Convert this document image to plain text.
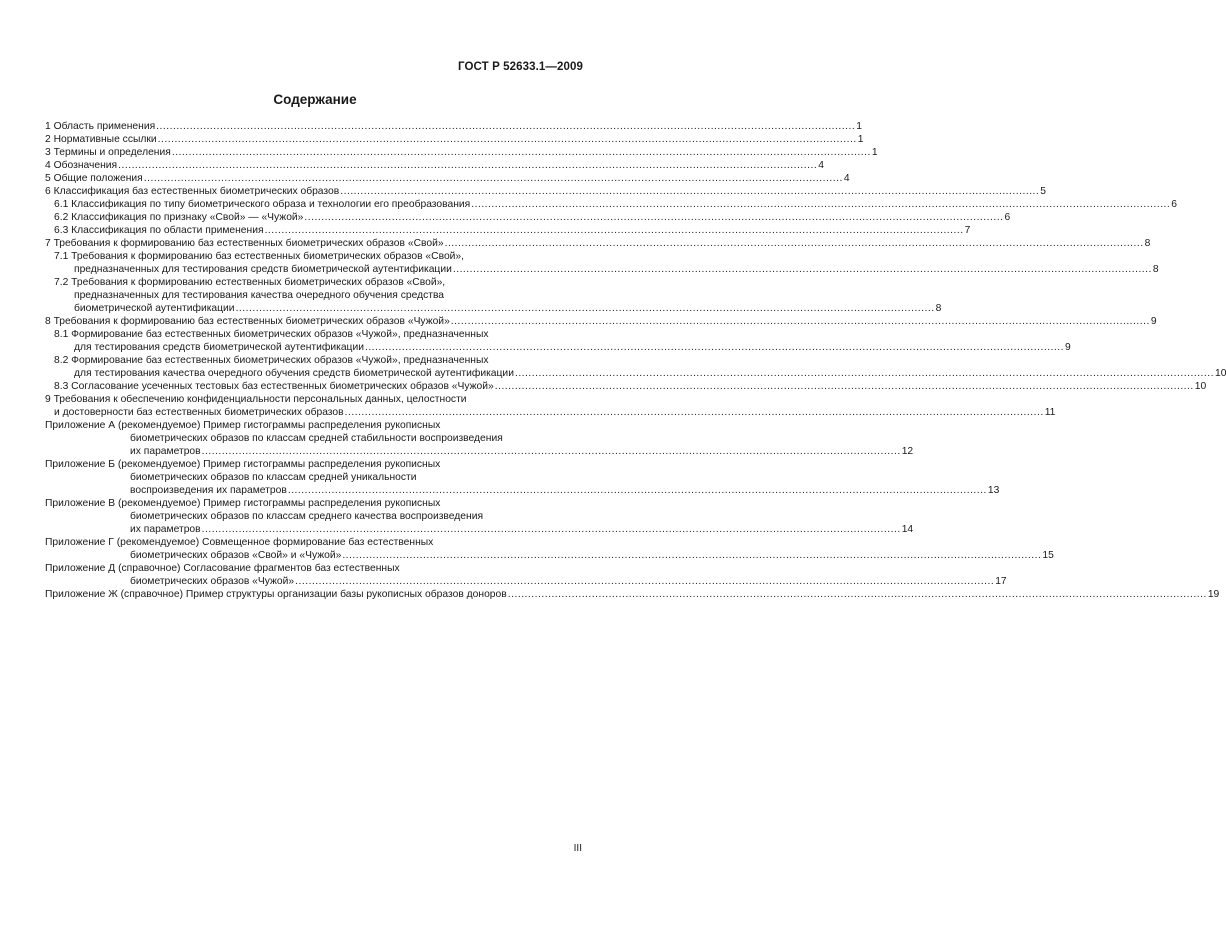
ГОСТ Р 52633.1—2009
Содержание
1 Область применения .....	1
2 Нормативные ссылки .....	1
3 Термины и определения .....	1
4 Обозначения .....	4
5 Общие положения .....	4
6 Классификация баз естественных биометрических образов .....	5
6.1 Классификация по типу биометрического образа и технологии его преобразования .....	6
6.2 Классификация по признаку «Свой» — «Чужой» .....	6
6.3 Классификация по области применения .....	7
7 Требования к формированию баз естественных биометрических образов «Свой» .....	8
7.1 Требования к формированию баз естественных биометрических образов «Свой»,
предназначенных для тестирования средств биометрической аутентификации .....	8
7.2 Требования к формированию естественных биометрических образов «Свой»,
предназначенных для тестирования качества очередного обучения средства
биометрической аутентификации .....	8
8 Требования к формированию баз естественных биометрических образов «Чужой» .....	9
8.1 Формирование баз естественных биометрических образов «Чужой», предназначенных
для тестирования средств биометрической аутентификации .....	9
8.2 Формирование баз естественных биометрических образов «Чужой», предназначенных
для тестирования качества очередного обучения средств биометрической аутентификации .....	10
8.3 Согласование усеченных тестовых баз естественных биометрических образов «Чужой» .....	10
9 Требования к обеспечению конфиденциальности персональных данных, целостности
и достоверности баз естественных биометрических образов .....	11
Приложение А (рекомендуемое) Пример гистограммы распределения рукописных
биометрических образов по классам средней стабильности воспроизведения
их параметров .....	12
Приложение Б (рекомендуемое) Пример гистограммы распределения рукописных
биометрических образов по классам средней уникальности
воспроизведения их параметров .....	13
Приложение В (рекомендуемое) Пример гистограммы распределения рукописных
биометрических образов по классам среднего качества воспроизведения
их параметров .....	14
Приложение Г (рекомендуемое) Совмещенное формирование баз естественных
биометрических образов «Свой» и «Чужой» .....	15
Приложение Д (справочное) Согласование фрагментов баз естественных
биометрических образов «Чужой» .....	17
Приложение Ж (справочное) Пример структуры организации базы рукописных образов доноров .....	19
III
